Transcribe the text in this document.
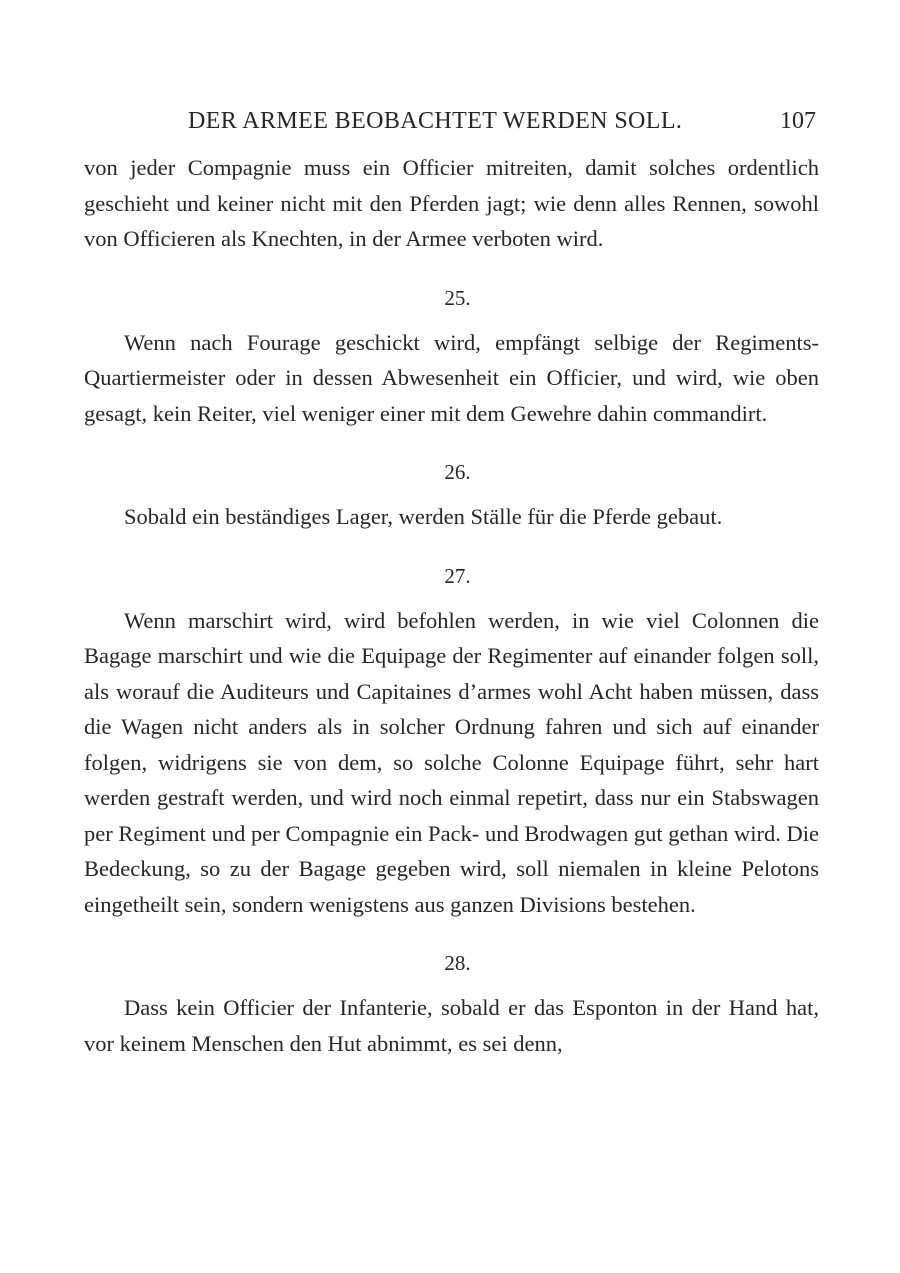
DER ARMEE BEOBACHTET WERDEN SOLL.	107

von jeder Compagnie muss ein Officier mitreiten, damit solches ordentlich geschieht und keiner nicht mit den Pferden jagt; wie denn alles Rennen, sowohl von Officieren als Knechten, in der Armee verboten wird.

25.

Wenn nach Fourage geschickt wird, empfängt selbige der Regiments-Quartiermeister oder in dessen Abwesenheit ein Officier, und wird, wie oben gesagt, kein Reiter, viel weniger einer mit dem Gewehre dahin commandirt.

26.

Sobald ein beständiges Lager, werden Ställe für die Pferde gebaut.

27.

Wenn marschirt wird, wird befohlen werden, in wie viel Colonnen die Bagage marschirt und wie die Equipage der Regimenter auf einander folgen soll, als worauf die Auditeurs und Capitaines d’armes wohl Acht haben müssen, dass die Wagen nicht anders als in solcher Ordnung fahren und sich auf einander folgen, widrigens sie von dem, so solche Colonne Equipage führt, sehr hart werden gestraft werden, und wird noch einmal repetirt, dass nur ein Stabswagen per Regiment und per Compagnie ein Pack- und Brodwagen gut gethan wird. Die Bedeckung, so zu der Bagage gegeben wird, soll niemalen in kleine Pelotons eingetheilt sein, sondern wenigstens aus ganzen Divisions bestehen.

28.

Dass kein Officier der Infanterie, sobald er das Esponton in der Hand hat, vor keinem Menschen den Hut abnimmt, es sei denn,
